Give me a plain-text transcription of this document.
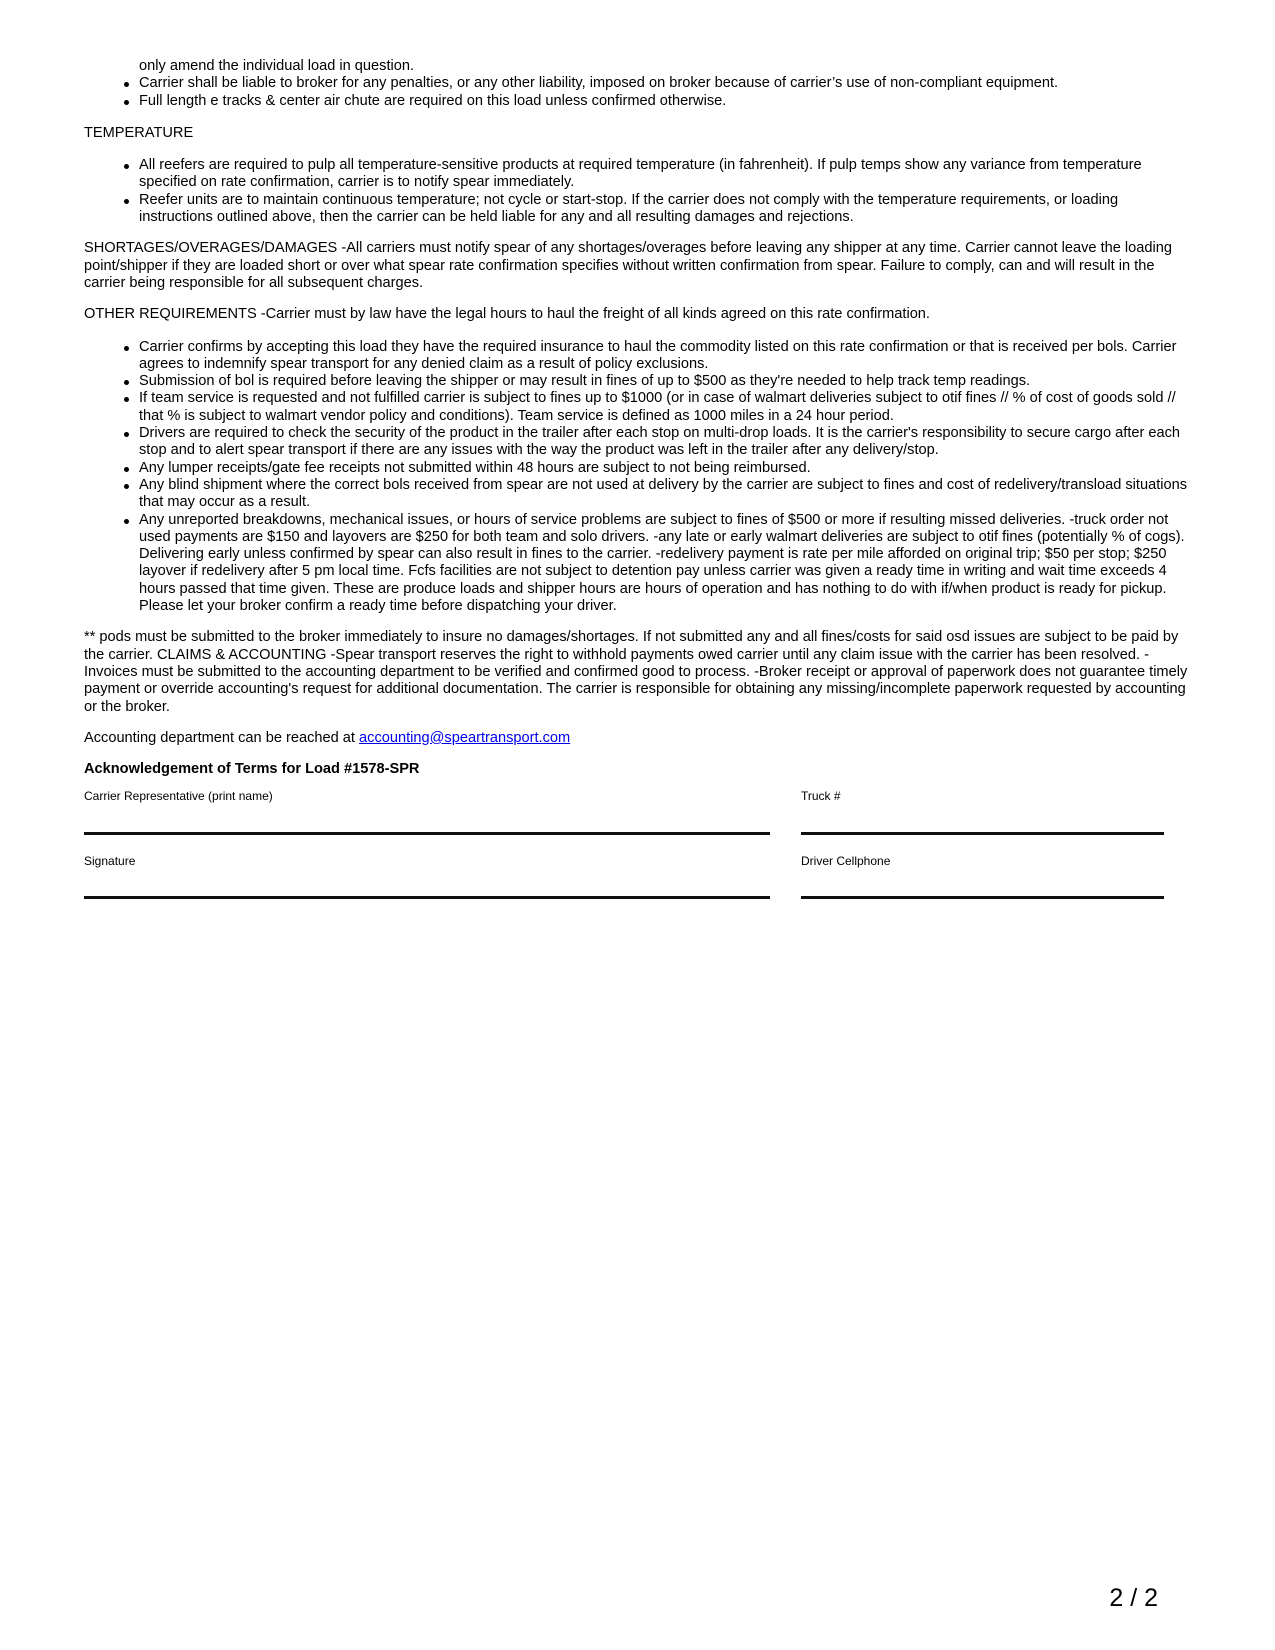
only amend the individual load in question.
Carrier shall be liable to broker for any penalties, or any other liability, imposed on broker because of carrier’s use of non-compliant equipment.
Full length e tracks & center air chute are required on this load unless confirmed otherwise.

TEMPERATURE

All reefers are required to pulp all temperature-sensitive products at required temperature (in fahrenheit). If pulp temps show any variance from temperature specified on rate confirmation, carrier is to notify spear immediately.
Reefer units are to maintain continuous temperature; not cycle or start-stop. If the carrier does not comply with the temperature requirements, or loading instructions outlined above, then the carrier can be held liable for any and all resulting damages and rejections.

SHORTAGES/OVERAGES/DAMAGES -All carriers must notify spear of any shortages/overages before leaving any shipper at any time. Carrier cannot leave the loading point/shipper if they are loaded short or over what spear rate confirmation specifies without written confirmation from spear. Failure to comply, can and will result in the carrier being responsible for all subsequent charges.

OTHER REQUIREMENTS -Carrier must by law have the legal hours to haul the freight of all kinds agreed on this rate confirmation.

Carrier confirms by accepting this load they have the required insurance to haul the commodity listed on this rate confirmation or that is received per bols. Carrier agrees to indemnify spear transport for any denied claim as a result of policy exclusions.
Submission of bol is required before leaving the shipper or may result in fines of up to $500 as they're needed to help track temp readings.
If team service is requested and not fulfilled carrier is subject to fines up to $1000 (or in case of walmart deliveries subject to otif fines // % of cost of goods sold // that % is subject to walmart vendor policy and conditions). Team service is defined as 1000 miles in a 24 hour period.
Drivers are required to check the security of the product in the trailer after each stop on multi-drop loads. It is the carrier's responsibility to secure cargo after each stop and to alert spear transport if there are any issues with the way the product was left in the trailer after any delivery/stop.
Any lumper receipts/gate fee receipts not submitted within 48 hours are subject to not being reimbursed.
Any blind shipment where the correct bols received from spear are not used at delivery by the carrier are subject to fines and cost of redelivery/transload situations that may occur as a result.
Any unreported breakdowns, mechanical issues, or hours of service problems are subject to fines of $500 or more if resulting missed deliveries. -truck order not used payments are $150 and layovers are $250 for both team and solo drivers. -any late or early walmart deliveries are subject to otif fines (potentially % of cogs). Delivering early unless confirmed by spear can also result in fines to the carrier. -redelivery payment is rate per mile afforded on original trip; $50 per stop; $250 layover if redelivery after 5 pm local time. Fcfs facilities are not subject to detention pay unless carrier was given a ready time in writing and wait time exceeds 4 hours passed that time given. These are produce loads and shipper hours are hours of operation and has nothing to do with if/when product is ready for pickup. Please let your broker confirm a ready time before dispatching your driver.

** pods must be submitted to the broker immediately to insure no damages/shortages. If not submitted any and all fines/costs for said osd issues are subject to be paid by the carrier. CLAIMS & ACCOUNTING -Spear transport reserves the right to withhold payments owed carrier until any claim issue with the carrier has been resolved. -Invoices must be submitted to the accounting department to be verified and confirmed good to process. -Broker receipt or approval of paperwork does not guarantee timely payment or override accounting's request for additional documentation. The carrier is responsible for obtaining any missing/incomplete paperwork requested by accounting or the broker.

Accounting department can be reached at accounting@speartransport.com

Acknowledgement of Terms for Load #1578-SPR

Carrier Representative (print name)	Truck #
Signature	Driver Cellphone
2 / 2
